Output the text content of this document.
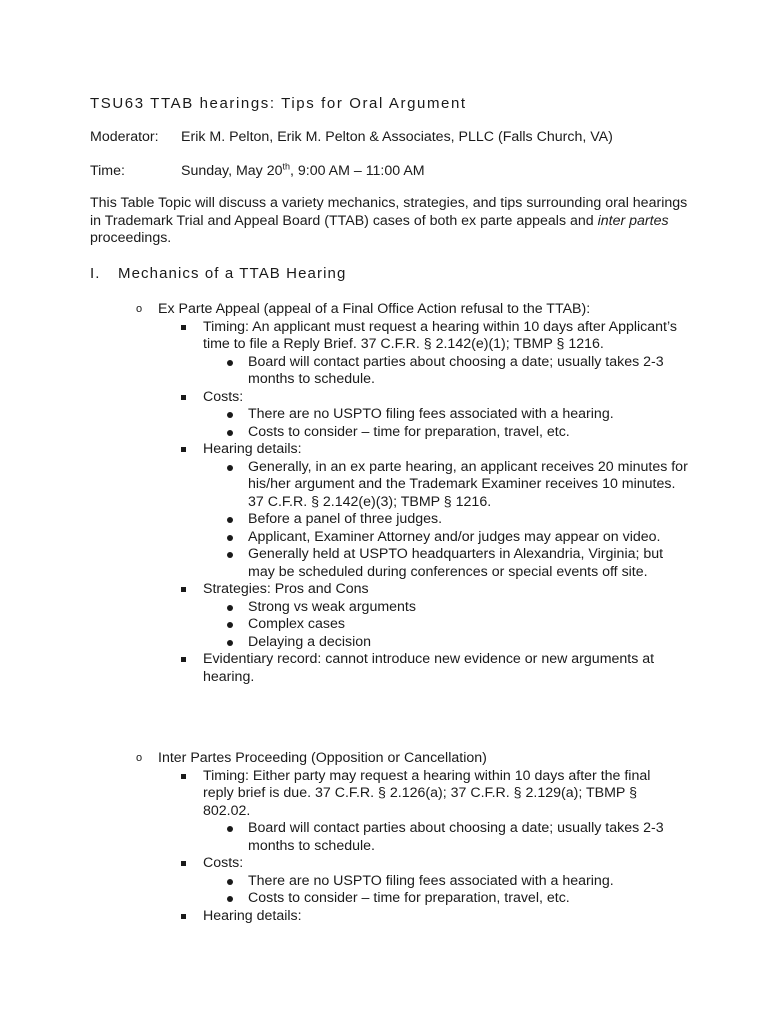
TSU63 TTAB hearings: Tips for Oral Argument
Moderator: Erik M. Pelton, Erik M. Pelton & Associates, PLLC (Falls Church, VA)
Time:	Sunday, May 20th, 9:00 AM – 11:00 AM
This Table Topic will discuss a variety mechanics, strategies, and tips surrounding oral hearings in Trademark Trial and Appeal Board (TTAB) cases of both ex parte appeals and inter partes proceedings.
I. Mechanics of a TTAB Hearing
o Ex Parte Appeal (appeal of a Final Office Action refusal to the TTAB):
Timing: An applicant must request a hearing within 10 days after Applicant’s time to file a Reply Brief. 37 C.F.R. § 2.142(e)(1); TBMP § 1216.
Board will contact parties about choosing a date; usually takes 2-3 months to schedule.
Costs:
There are no USPTO filing fees associated with a hearing.
Costs to consider – time for preparation, travel, etc.
Hearing details:
Generally, in an ex parte hearing, an applicant receives 20 minutes for his/her argument and the Trademark Examiner receives 10 minutes. 37 C.F.R. § 2.142(e)(3); TBMP § 1216.
Before a panel of three judges.
Applicant, Examiner Attorney and/or judges may appear on video.
Generally held at USPTO headquarters in Alexandria, Virginia; but may be scheduled during conferences or special events off site.
Strategies: Pros and Cons
Strong vs weak arguments
Complex cases
Delaying a decision
Evidentiary record: cannot introduce new evidence or new arguments at hearing.
o Inter Partes Proceeding (Opposition or Cancellation)
Timing: Either party may request a hearing within 10 days after the final reply brief is due. 37 C.F.R. § 2.126(a); 37 C.F.R. § 2.129(a); TBMP § 802.02.
Board will contact parties about choosing a date; usually takes 2-3 months to schedule.
Costs:
There are no USPTO filing fees associated with a hearing.
Costs to consider – time for preparation, travel, etc.
Hearing details:
